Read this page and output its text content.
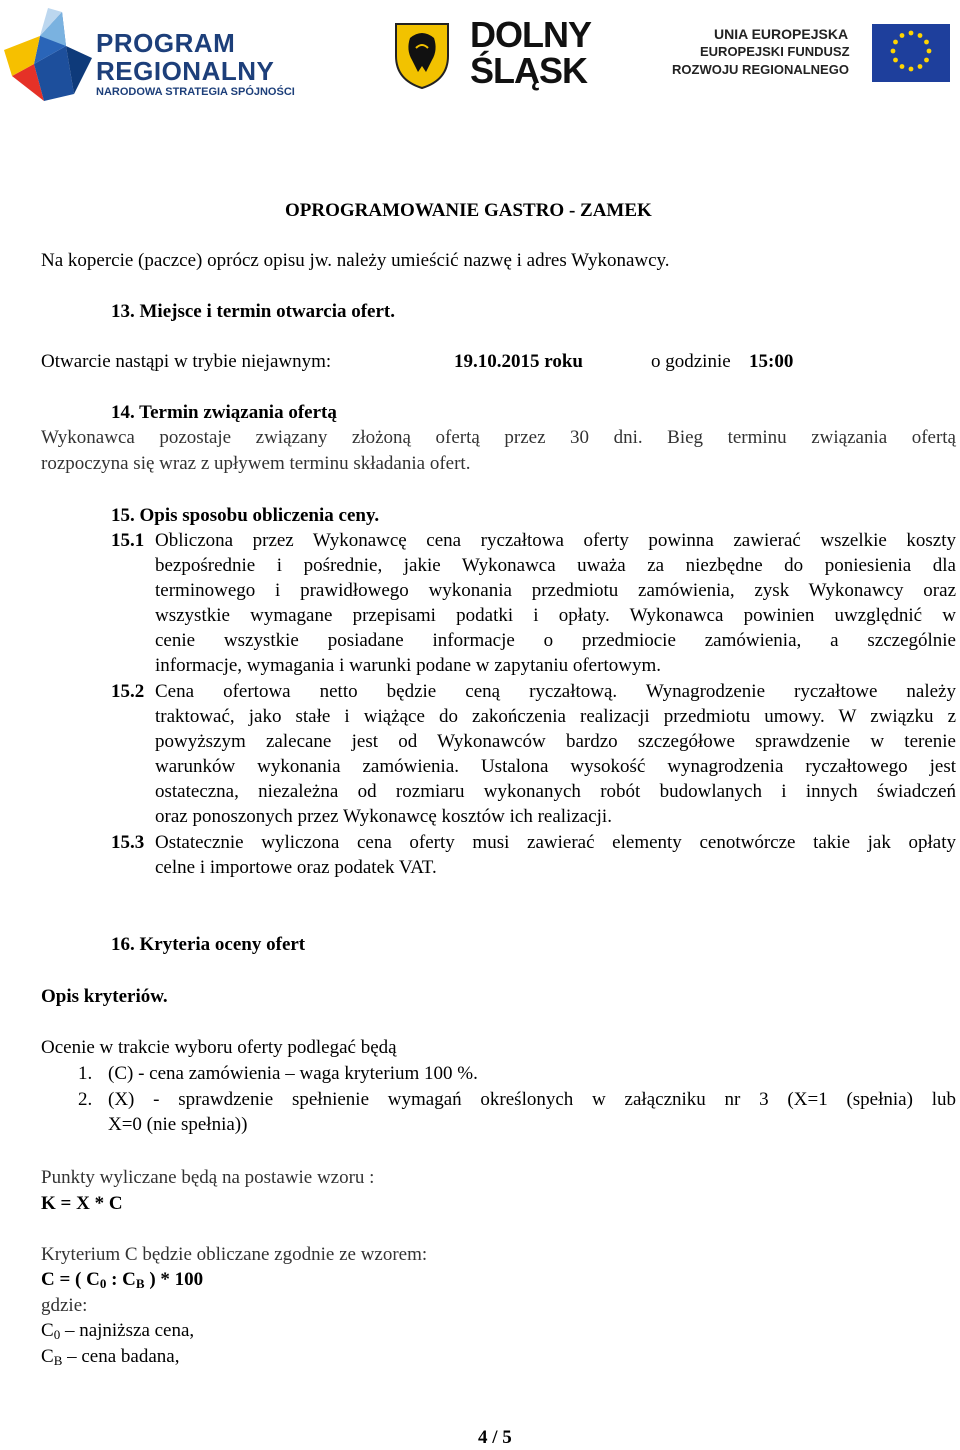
PROGRAM
REGIONALNY
NARODOWA STRATEGIA SPÓJNOŚCI
DOLNY
ŚLĄSK
UNIA EUROPEJSKA
EUROPEJSKI FUNDUSZ
ROZWOJU REGIONALNEGO
OPROGRAMOWANIE GASTRO - ZAMEK
Na kopercie (paczce) oprócz opisu jw. należy umieścić nazwę i adres Wykonawcy.
13. Miejsce i termin otwarcia ofert.
Otwarcie nastąpi w trybie niejawnym:	19.10.2015 roku	o godzinie 15:00
14. Termin związania ofertą
Wykonawca pozostaje związany złożoną ofertą przez 30 dni. Bieg terminu związania ofertą
rozpoczyna się wraz z upływem terminu składania ofert.
15. Opis sposobu obliczenia ceny.
15.1 Obliczona przez Wykonawcę cena ryczałtowa oferty powinna zawierać wszelkie koszty
bezpośrednie i pośrednie, jakie Wykonawca uważa za niezbędne do poniesienia dla
terminowego i prawidłowego wykonania przedmiotu zamówienia, zysk Wykonawcy oraz
wszystkie wymagane przepisami podatki i opłaty. Wykonawca powinien uwzględnić w
cenie wszystkie posiadane informacje o przedmiocie zamówienia, a szczególnie
informacje, wymagania i warunki podane w zapytaniu ofertowym.
15.2 Cena ofertowa netto będzie ceną ryczałtową. Wynagrodzenie ryczałtowe należy
traktować, jako stałe i wiążące do zakończenia realizacji przedmiotu umowy. W związku z
powyższym zalecane jest od Wykonawców bardzo szczegółowe sprawdzenie w terenie
warunków wykonania zamówienia. Ustalona wysokość wynagrodzenia ryczałtowego jest
ostateczna, niezależna od rozmiaru wykonanych robót budowlanych i innych świadczeń
oraz ponoszonych przez Wykonawcę kosztów ich realizacji.
15.3 Ostatecznie wyliczona cena oferty musi zawierać elementy cenotwórcze takie jak opłaty
celne i importowe oraz podatek VAT.
16. Kryteria oceny ofert
Opis kryteriów.
Ocenie w trakcie wyboru oferty podlegać będą
1. (C) - cena zamówienia – waga kryterium 100 %.
2. (X) - sprawdzenie spełnienie wymagań określonych w załączniku nr 3 (X=1 (spełnia) lub
X=0 (nie spełnia))
Punkty wyliczane będą na postawie wzoru :
K = X * C
Kryterium C będzie obliczane zgodnie ze wzorem:
C = ( $C_0$ : $C_B$ ) * 100
gdzie:
$C_0$ – najniższa cena,
$C_B$ – cena badana,
4 / 5
